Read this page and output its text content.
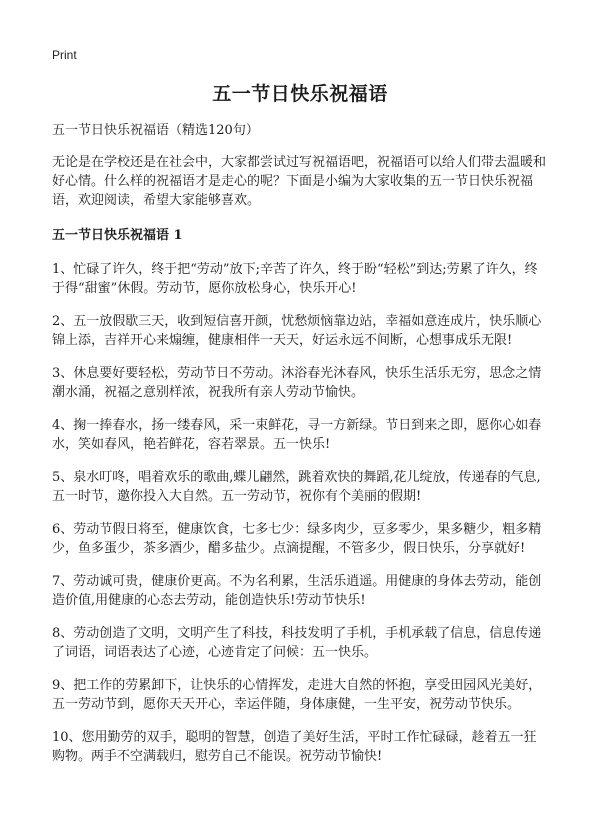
Print
五一节日快乐祝福语

五一节日快乐祝福语（精选120句）

无论是在学校还是在社会中，大家都尝试过写祝福语吧，祝福语可以给人们带去温暖和好心情。什么样的祝福语才是走心的呢？下面是小编为大家收集的五一节日快乐祝福语，欢迎阅读，希望大家能够喜欢。

五一节日快乐祝福语 1
1、忙碌了许久，终于把“劳动”放下;辛苦了许久，终于盼“轻松”到达;劳累了许久，终于得“甜蜜”休假。劳动节，愿你放松身心，快乐开心!
2、五一放假歇三天，收到短信喜开颜，忧愁烦恼靠边站，幸福如意连成片，快乐顺心锦上添，吉祥开心来煽缠，健康相伴一天天，好运永远不间断，心想事成乐无限!
3、休息要好要轻松，劳动节日不劳动。沐浴春光沐春风，快乐生活乐无穷，思念之情潮水涌，祝福之意别样浓，祝我所有亲人劳动节愉快。
4、掬一捧春水，扬一缕春风，采一束鲜花，寻一方新绿。节日到来之即，愿你心如春水，笑如春风，艳若鲜花，容若翠景。五一快乐!
5、泉水叮咚，唱着欢乐的歌曲,蝶儿翩然，跳着欢快的舞蹈,花儿绽放，传递春的气息,五一时节，邀你投入大自然。五一劳动节，祝你有个美丽的假期!
6、劳动节假日将至，健康饮食，七多七少：绿多肉少，豆多零少，果多糖少，粗多精少，鱼多蛋少，茶多酒少，醋多盐少。点滴提醒，不管多少，假日快乐，分享就好!
7、劳动诚可贵，健康价更高。不为名利累，生活乐逍遥。用健康的身体去劳动，能创造价值,用健康的心态去劳动，能创造快乐!劳动节快乐!
8、劳动创造了文明，文明产生了科技，科技发明了手机，手机承载了信息，信息传递了词语，词语表达了心迹，心迹肯定了问候：五一快乐。
9、把工作的劳累卸下，让快乐的心情挥发，走进大自然的怀抱，享受田园风光美好，五一劳动节到，愿你天天开心，幸运伴随，身体康健，一生平安，祝劳动节快乐。
10、您用勤劳的双手，聪明的智慧，创造了美好生活，平时工作忙碌碌，趁着五一狂购物。两手不空满载归，慰劳自己不能误。祝劳动节愉快!
